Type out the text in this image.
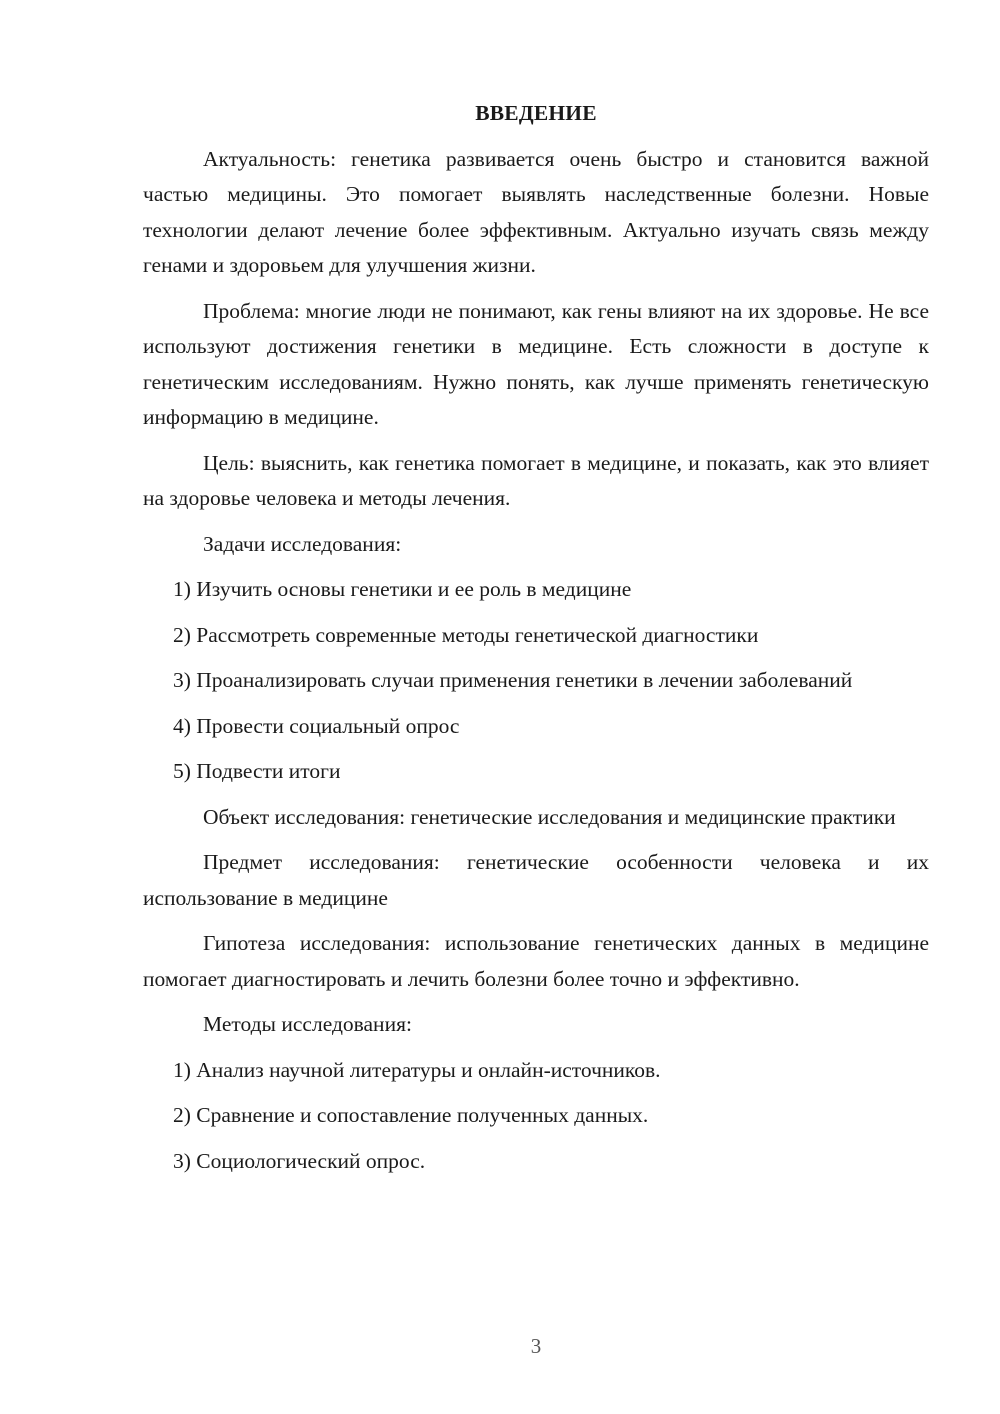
ВВЕДЕНИЕ

Актуальность: генетика развивается очень быстро и становится важной частью медицины. Это помогает выявлять наследственные болезни. Новые технологии делают лечение более эффективным. Актуально изучать связь между генами и здоровьем для улучшения жизни.

Проблема: многие люди не понимают, как гены влияют на их здоровье. Не все используют достижения генетики в медицине. Есть сложности в доступе к генетическим исследованиям. Нужно понять, как лучше применять генетическую информацию в медицине.

Цель: выяснить, как генетика помогает в медицине, и показать, как это влияет на здоровье человека и методы лечения.

Задачи исследования:

1) Изучить основы генетики и ее роль в медицине

2) Рассмотреть современные методы генетической диагностики

3) Проанализировать случаи применения генетики в лечении заболеваний

4) Провести социальный опрос

5) Подвести итоги

Объект исследования: генетические исследования и медицинские практики

Предмет исследования: генетические особенности человека и их использование в медицине

Гипотеза исследования: использование генетических данных в медицине помогает диагностировать и лечить болезни более точно и эффективно.

Методы исследования:

1) Анализ научной литературы и онлайн-источников.

2) Сравнение и сопоставление полученных данных.

3) Социологический опрос.

3
